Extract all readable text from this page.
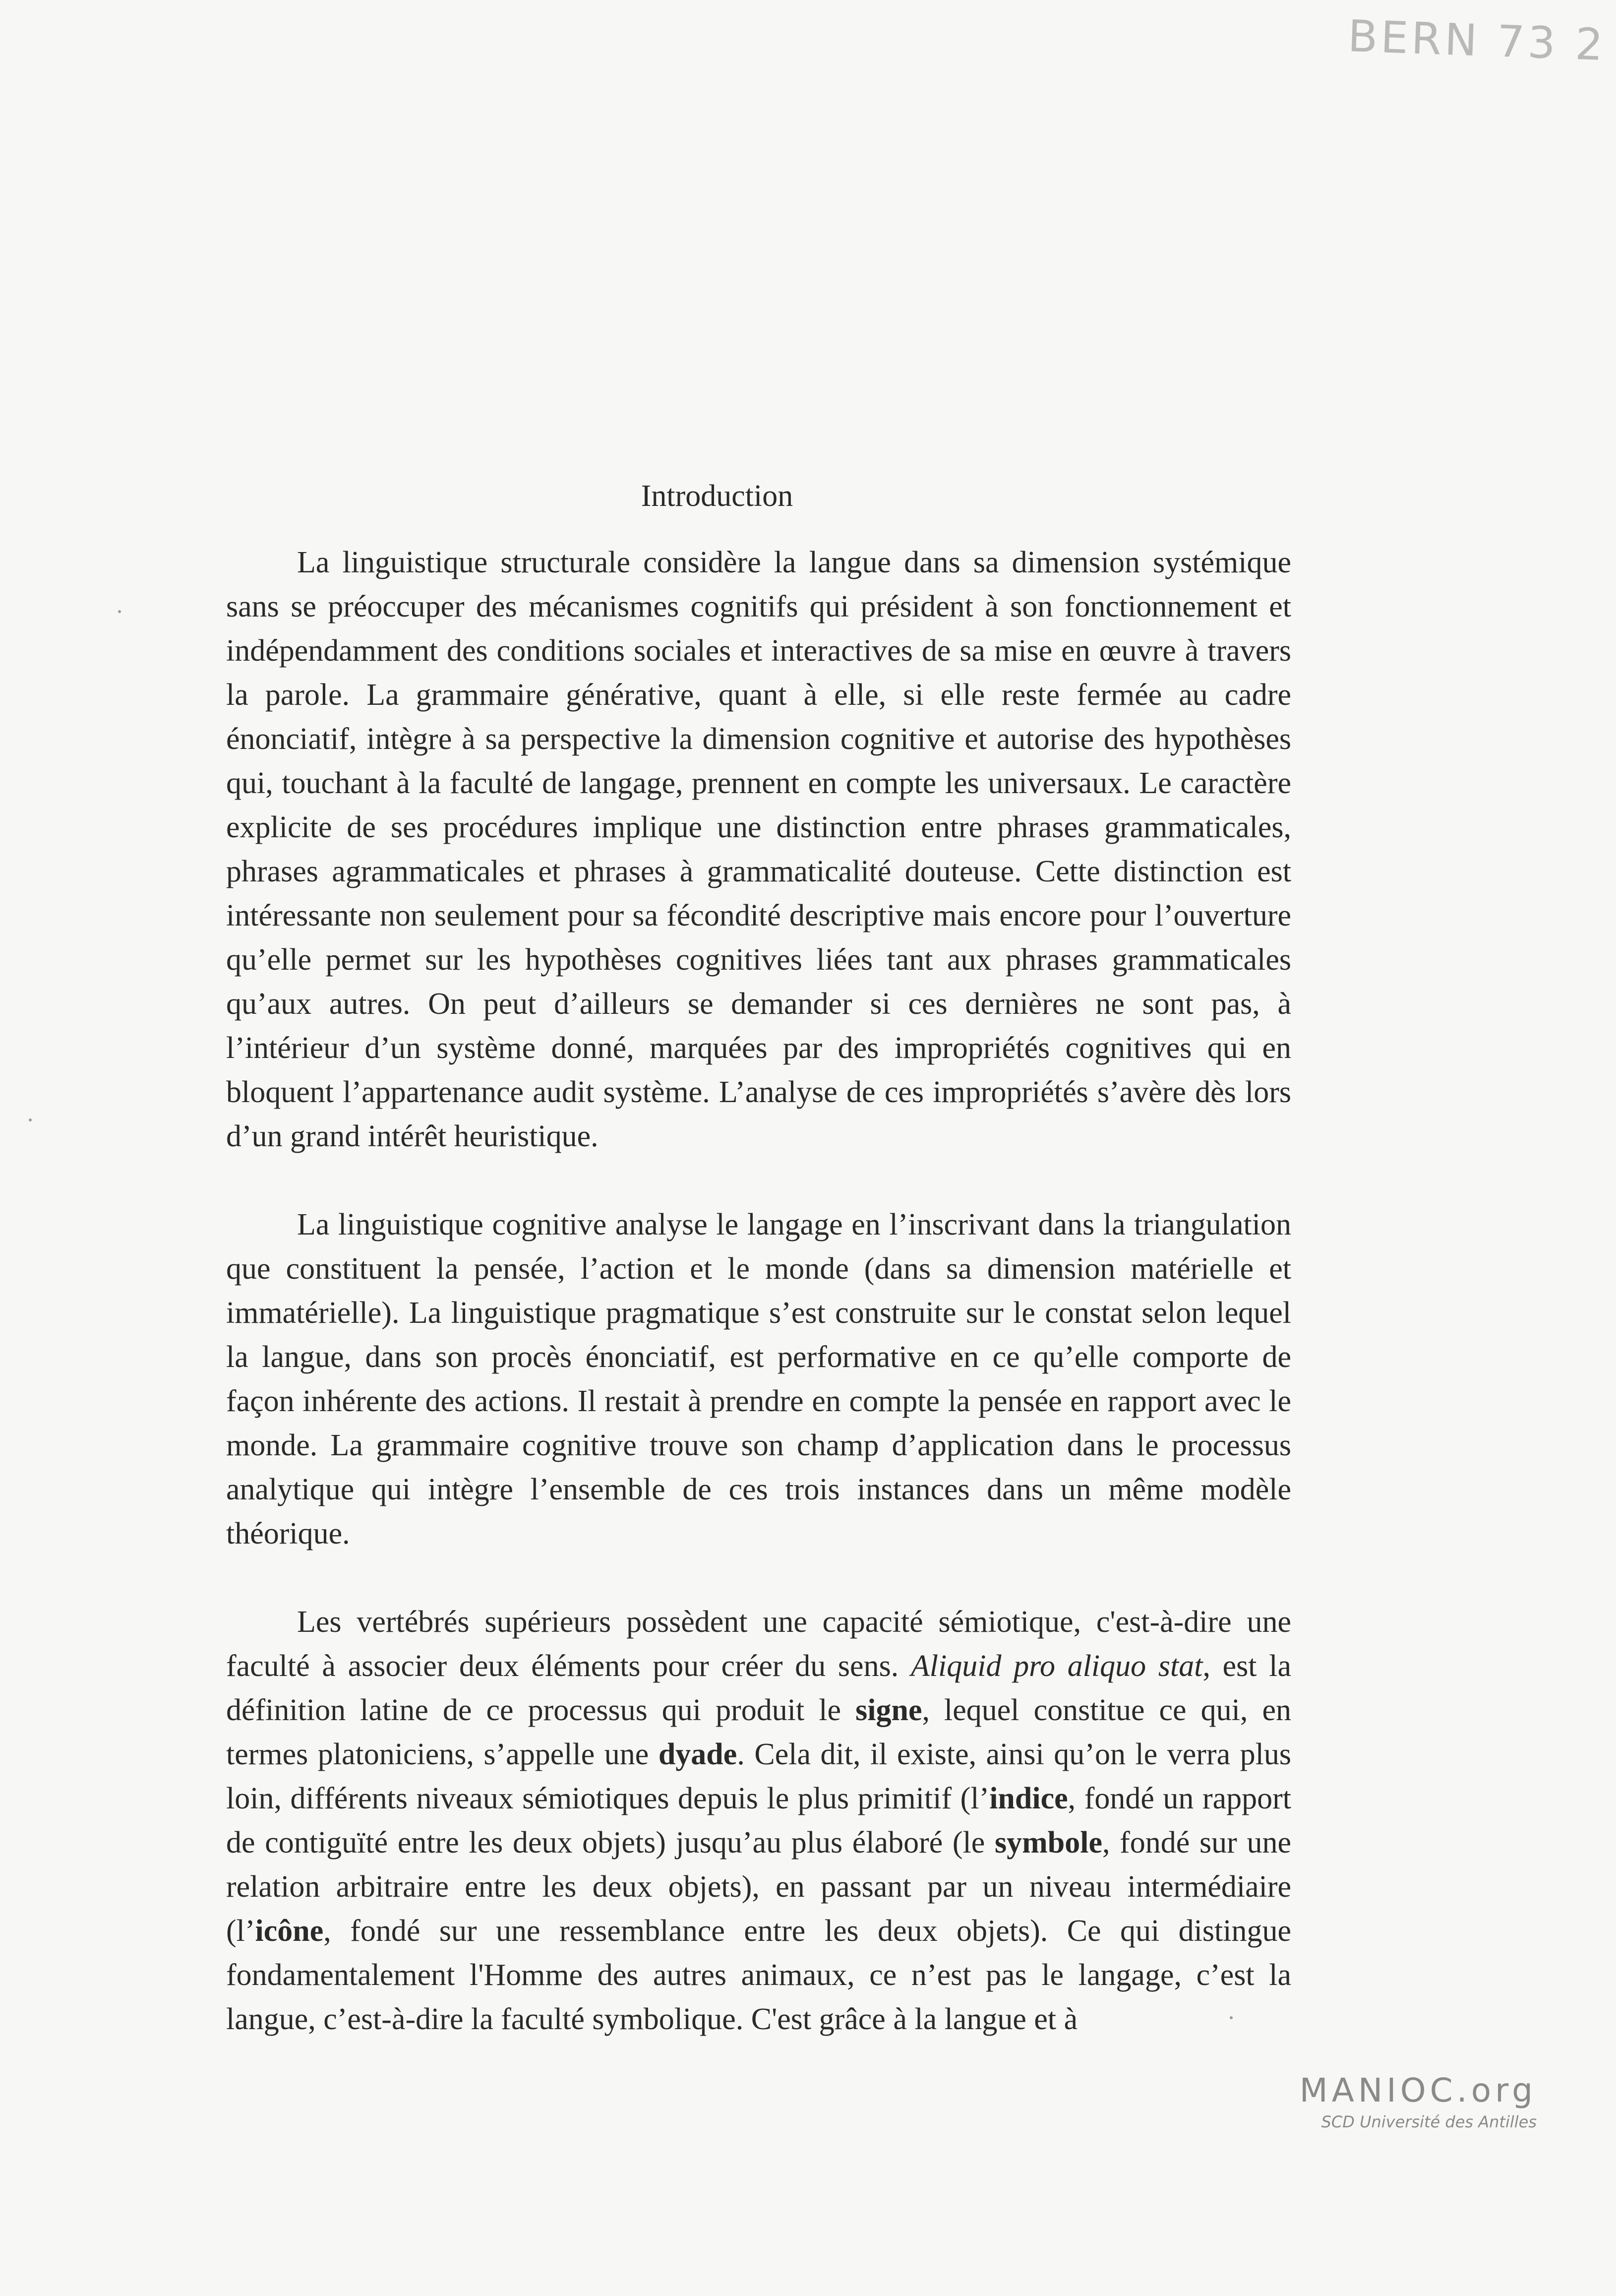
BERN 73 2
Introduction

La linguistique structurale considère la langue dans sa dimension systémique sans se préoccuper des mécanismes cognitifs qui président à son fonctionnement et indépendamment des conditions sociales et interactives de sa mise en œuvre à travers la parole. La grammaire générative, quant à elle, si elle reste fermée au cadre énonciatif, intègre à sa perspective la dimension cognitive et autorise des hypothèses qui, touchant à la faculté de langage, prennent en compte les universaux. Le caractère explicite de ses procédures implique une distinction entre phrases grammaticales, phrases agrammaticales et phrases à grammaticalité douteuse. Cette distinction est intéressante non seulement pour sa fécondité descriptive mais encore pour l’ouverture qu’elle permet sur les hypothèses cognitives liées tant aux phrases grammaticales qu’aux autres. On peut d’ailleurs se demander si ces dernières ne sont pas, à l’intérieur d’un système donné, marquées par des impropriétés cognitives qui en bloquent l’appartenance audit système. L’analyse de ces impropriétés s’avère dès lors d’un grand intérêt heuristique.

La linguistique cognitive analyse le langage en l’inscrivant dans la triangulation que constituent la pensée, l’action et le monde (dans sa dimension matérielle et immatérielle). La linguistique pragmatique s’est construite sur le constat selon lequel la langue, dans son procès énonciatif, est performative en ce qu’elle comporte de façon inhérente des actions. Il restait à prendre en compte la pensée en rapport avec le monde. La grammaire cognitive trouve son champ d’application dans le processus analytique qui intègre l’ensemble de ces trois instances dans un même modèle théorique.

Les vertébrés supérieurs possèdent une capacité sémiotique, c'est-à-dire une faculté à associer deux éléments pour créer du sens. Aliquid pro aliquo stat, est la définition latine de ce processus qui produit le signe, lequel constitue ce qui, en termes platoniciens, s’appelle une dyade. Cela dit, il existe, ainsi qu’on le verra plus loin, différents niveaux sémiotiques depuis le plus primitif (l’indice, fondé un rapport de contiguïté entre les deux objets) jusqu’au plus élaboré (le symbole, fondé sur une relation arbitraire entre les deux objets), en passant par un niveau intermédiaire (l’icône, fondé sur une ressemblance entre les deux objets). Ce qui distingue fondamentalement l'Homme des autres animaux, ce n’est pas le langage, c’est la langue, c’est-à-dire la faculté symbolique. C'est grâce à la langue et à

MANIOC.org
SCD Université des Antilles
